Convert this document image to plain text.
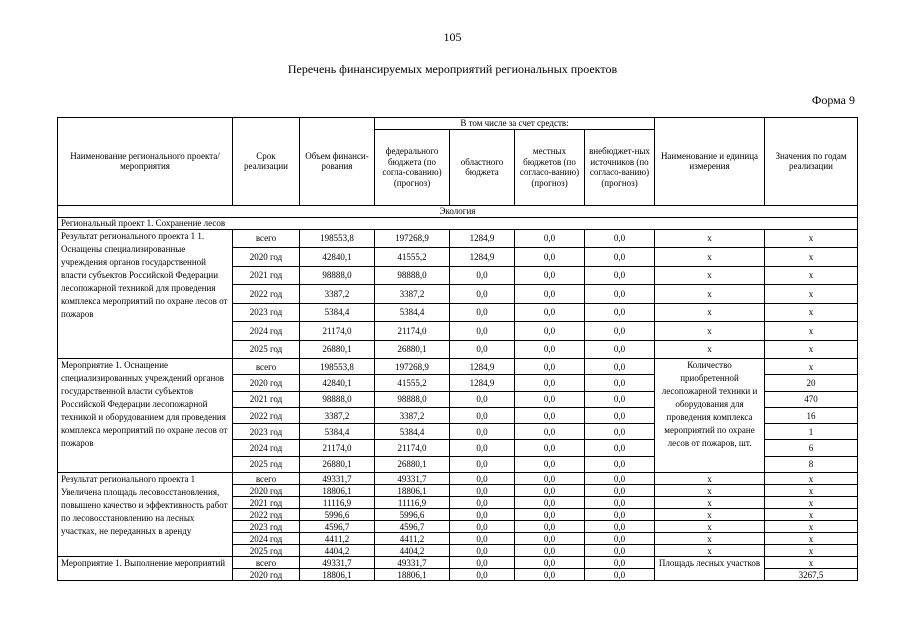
105
Перечень финансируемых мероприятий региональных проектов
Форма 9
Наименование регионального проекта/ мероприятия	Срок реализации	Объем финанси-рования	В том числе за счет средств:				Наименование и единица измерения	Значения по годам реализации
			федерального бюджета (по согла-сованию) (прогноз)	областного бюджета	местных бюджетов (по согласо-ванию) (прогноз)	внебюджет-ных источников (по согласо-ванию) (прогноз)		
Экология								
Региональный проект 1. Сохранение лесов								
Результат регионального проекта 1 1. Оснащены специализированные учреждения органов государственной власти субъектов Российской Федерации лесопожарной техникой для проведения комплекса мероприятий по охране лесов от пожаров	всего	198553,8	197268,9	1284,9	0,0	0,0	х	х
	2020 год	42840,1	41555,2	1284,9	0,0	0,0	х	х
	2021 год	98888,0	98888,0	0,0	0,0	0,0	х	х
	2022 год	3387,2	3387,2	0,0	0,0	0,0	х	х
	2023 год	5384,4	5384,4	0,0	0,0	0,0	х	х
	2024 год	21174,0	21174,0	0,0	0,0	0,0	х	х
	2025 год	26880,1	26880,1	0,0	0,0	0,0	х	х
Мероприятие 1. Оснащение специализированных учреждений органов государственной власти субъектов Российской Федерации лесопожарной техникой и оборудованием для проведения комплекса мероприятий по охране лесов от пожаров	всего	198553,8	197268,9	1284,9	0,0	0,0	Количество приобретенной лесопожарной техники и оборудования для проведения комплекса мероприятий по охране лесов от пожаров, шт.	х
	2020 год	42840,1	41555,2	1284,9	0,0	0,0		20
	2021 год	98888,0	98888,0	0,0	0,0	0,0		470
	2022 год	3387,2	3387,2	0,0	0,0	0,0		16
	2023 год	5384,4	5384,4	0,0	0,0	0,0		1
	2024 год	21174,0	21174,0	0,0	0,0	0,0		6
	2025 год	26880,1	26880,1	0,0	0,0	0,0		8
Результат регионального проекта 1 Увеличена площадь лесовосстановления, повышено качество и эффективность работ по лесовосстановлению на лесных участках, не переданных в аренду	всего	49331,7	49331,7	0,0	0,0	0,0	х	х
	2020 год	18806,1	18806,1	0,0	0,0	0,0	х	х
	2021 год	11116,9	11116,9	0,0	0,0	0,0	х	х
	2022 год	5996,6	5996,6	0,0	0,0	0,0	х	х
	2023 год	4596,7	4596,7	0,0	0,0	0,0	х	х
	2024 год	4411,2	4411,2	0,0	0,0	0,0	х	х
	2025 год	4404,2	4404,2	0,0	0,0	0,0	х	х
Мероприятие 1. Выполнение мероприятий	всего	49331,7	49331,7	0,0	0,0	0,0	Площадь лесных участков	х
	2020 год	18806,1	18806,1	0,0	0,0	0,0		3267,5
